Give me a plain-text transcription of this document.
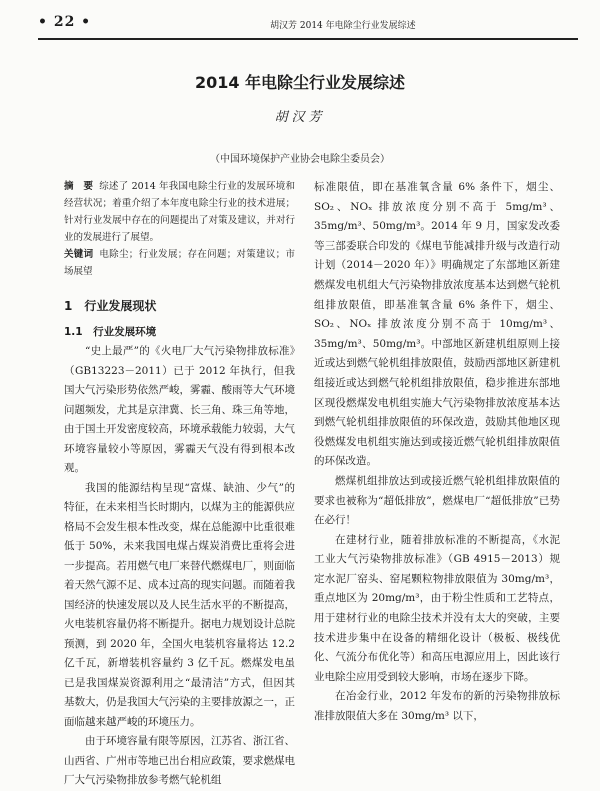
• 22 •	胡汉芳 2014 年电除尘行业发展综述
2014 年电除尘行业发展综述
胡汉芳
（中国环境保护产业协会电除尘委员会）

摘　要 综述了 2014 年我国电除尘行业的发展环境和经营状况；着重介绍了本年度电除尘行业的技术进展；针对行业发展中存在的问题提出了对策及建议，并对行业的发展进行了展望。

关键词 电除尘；行业发展；存在问题；对策建议；市场展望

1　行业发展现状
1.1　行业发展环境

“史上最严”的《火电厂大气污染物排放标准》（GB13223－2011）已于 2012 年执行，但我国大气污染形势依然严峻，雾霾、酸雨等大气环境问题频发，尤其是京津冀、长三角、珠三角等地，由于国土开发密度较高，环境承载能力较弱，大气环境容量较小等原因，雾霾天气没有得到根本改观。

我国的能源结构呈现“富煤、缺油、少气”的特征，在未来相当长时期内，以煤为主的能源供应格局不会发生根本性改变，煤在总能源中比重很难低于 50%，未来我国电煤占煤炭消费比重将会进一步提高。若用燃气电厂来替代燃煤电厂，则面临着天然气源不足、成本过高的现实问题。而随着我国经济的快速发展以及人民生活水平的不断提高，火电装机容量仍将不断提升。据电力规划设计总院预测，到 2020 年，全国火电装机容量将达 12.2 亿千瓦，新增装机容量约 3 亿千瓦。燃煤发电虽已是我国煤炭资源利用之“最清洁”方式，但因其基数大，仍是我国大气污染的主要排放源之一，正面临越来越严峻的环境压力。

由于环境容量有限等原因，江苏省、浙江省、山西省、广州市等地已出台相应政策，要求燃煤电厂大气污染物排放参考燃气轮机组

标准限值，即在基准氧含量 6% 条件下，烟尘、SO₂、NOₓ 排放浓度分别不高于 5mg/m³、35mg/m³、50mg/m³。2014 年 9 月，国家发改委等三部委联合印发的《煤电节能减排升级与改造行动计划（2014－2020 年）》明确规定了东部地区新建燃煤发电机组大气污染物排放浓度基本达到燃气轮机组排放限值，即基准氧含量 6% 条件下，烟尘、SO₂、NOₓ 排放浓度分别不高于 10mg/m³、35mg/m³、50mg/m³。中部地区新建机组原则上接近或达到燃气轮机组排放限值，鼓励西部地区新建机组接近或达到燃气轮机组排放限值，稳步推进东部地区现役燃煤发电机组实施大气污染物排放浓度基本达到燃气轮机组排放限值的环保改造，鼓励其他地区现役燃煤发电机组实施达到或接近燃气轮机组排放限值的环保改造。

燃煤机组排放达到或接近燃气轮机组排放限值的要求也被称为“超低排放”，燃煤电厂“超低排放”已势在必行！

在建材行业，随着排放标准的不断提高，《水泥工业大气污染物排放标准》（GB 4915－2013）规定水泥厂窑头、窑尾颗粒物排放限值为 30mg/m³，重点地区为 20mg/m³，由于粉尘性质和工艺特点，用于建材行业的电除尘技术并没有太大的突破，主要技术进步集中在设备的精细化设计（极板、极线优化、气流分布优化等）和高压电源应用上，因此该行业电除尘应用受到较大影响，市场在逐步下降。

在冶金行业，2012 年发布的新的污染物排放标准排放限值大多在 30mg/m³ 以下，
